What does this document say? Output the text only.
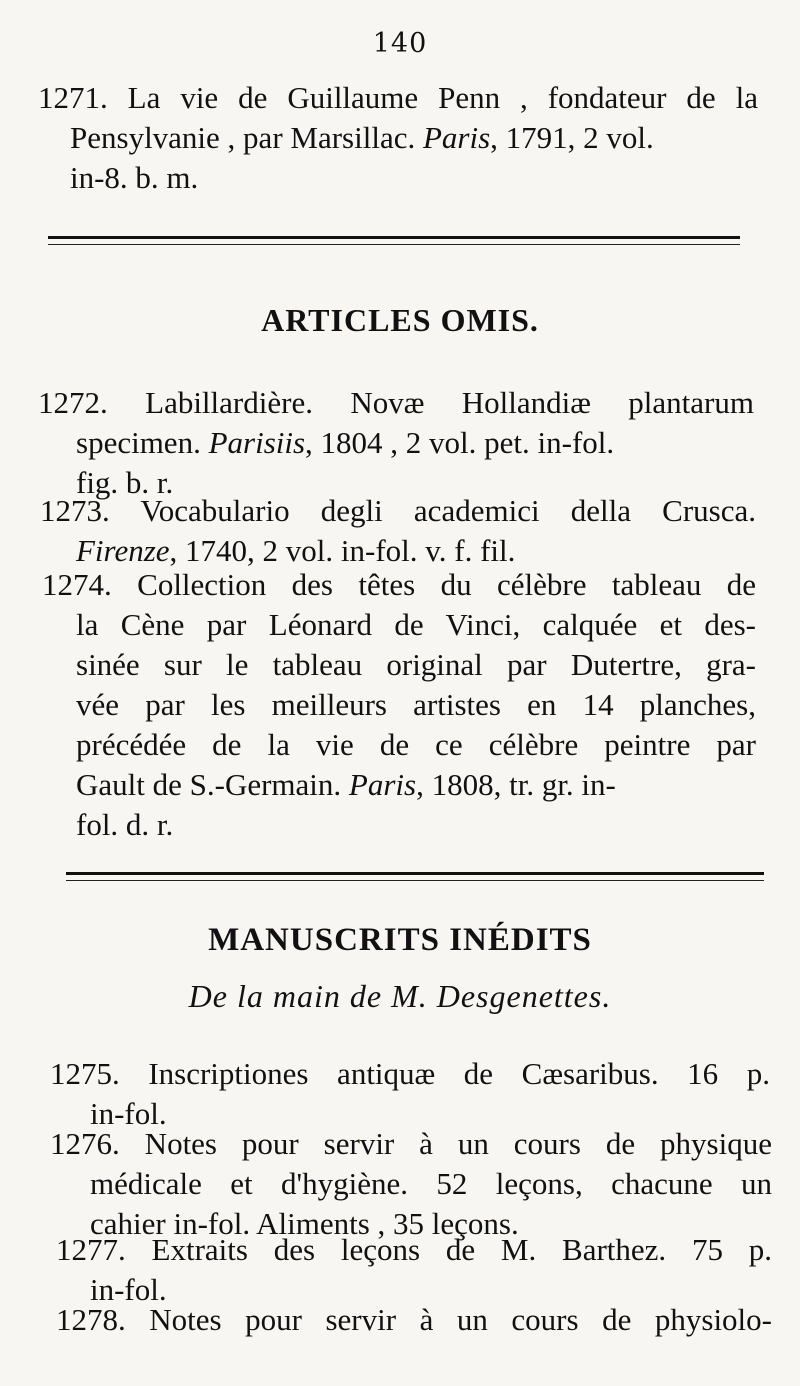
140
1271. La vie de Guillaume Penn , fondateur de la
Pensylvanie , par Marsillac. Paris, 1791, 2 vol.
in-8. b. m.
ARTICLES OMIS.
1272. Labillardière. Novæ Hollandiæ plantarum
specimen. Parisiis, 1804 , 2 vol. pet. in-fol.
fig. b. r.
1273. Vocabulario degli academici della Crusca.
Firenze, 1740, 2 vol. in-fol. v. f. fil.
1274. Collection des têtes du célèbre tableau de
la Cène par Léonard de Vinci, calquée et des-
sinée sur le tableau original par Dutertre, gra-
vée par les meilleurs artistes en 14 planches,
précédée de la vie de ce célèbre peintre par
Gault de S.-Germain. Paris, 1808, tr. gr. in-
fol. d. r.
MANUSCRITS INÉDITS
De la main de M. Desgenettes.
1275. Inscriptiones antiquæ de Cæsaribus. 16 p.
in-fol.
1276. Notes pour servir à un cours de physique
médicale et d'hygiène. 52 leçons, chacune un
cahier in-fol. Aliments , 35 leçons.
1277. Extraits des leçons de M. Barthez. 75 p.
in-fol.
1278. Notes pour servir à un cours de physiolo-
